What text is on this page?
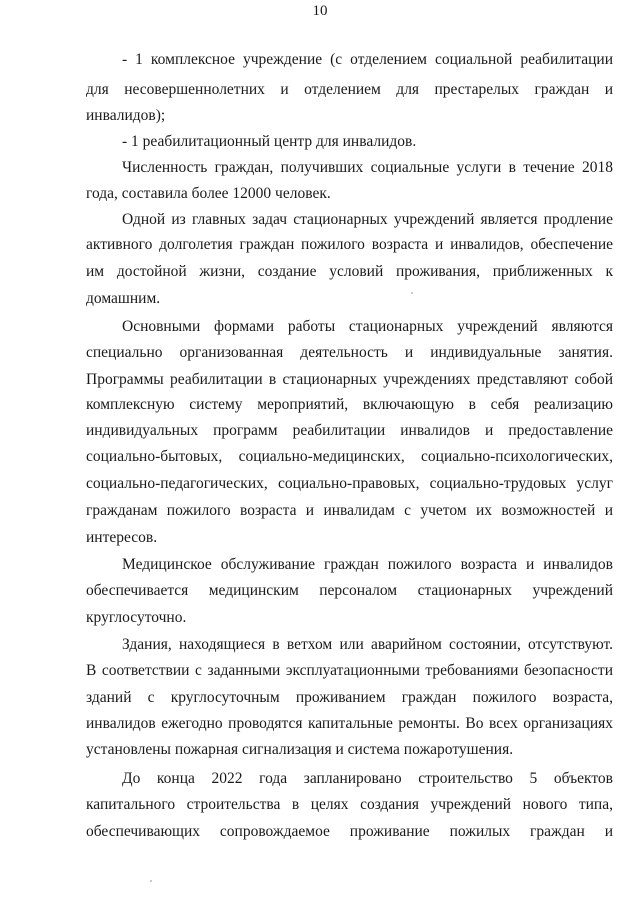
10
- 1 комплексное учреждение (с отделением социальной реабилитации
для несовершеннолетних и отделением для престарелых граждан и
инвалидов);
- 1 реабилитационный центр для инвалидов.
Численность граждан, получивших социальные услуги в течение 2018
года, составила более 12000 человек.
Одной из главных задач стационарных учреждений является продление
активного долголетия граждан пожилого возраста и инвалидов, обеспечение
им достойной жизни, создание условий проживания, приближенных к
домашним.
Основными формами работы стационарных учреждений являются
специально организованная деятельность и индивидуальные занятия.
Программы реабилитации в стационарных учреждениях представляют собой
комплексную систему мероприятий, включающую в себя реализацию
индивидуальных программ реабилитации инвалидов и предоставление
социально-бытовых, социально-медицинских, социально-психологических,
социально-педагогических, социально-правовых, социально-трудовых услуг
гражданам пожилого возраста и инвалидам с учетом их возможностей и
интересов.
Медицинское обслуживание граждан пожилого возраста и инвалидов
обеспечивается медицинским персоналом стационарных учреждений
круглосуточно.
Здания, находящиеся в ветхом или аварийном состоянии, отсутствуют.
В соответствии с заданными эксплуатационными требованиями безопасности
зданий с круглосуточным проживанием граждан пожилого возраста,
инвалидов ежегодно проводятся капитальные ремонты. Во всех организациях
установлены пожарная сигнализация и система пожаротушения.
До конца 2022 года запланировано строительство 5 объектов
капитального строительства в целях создания учреждений нового типа,
обеспечивающих сопровождаемое проживание пожилых граждан и
